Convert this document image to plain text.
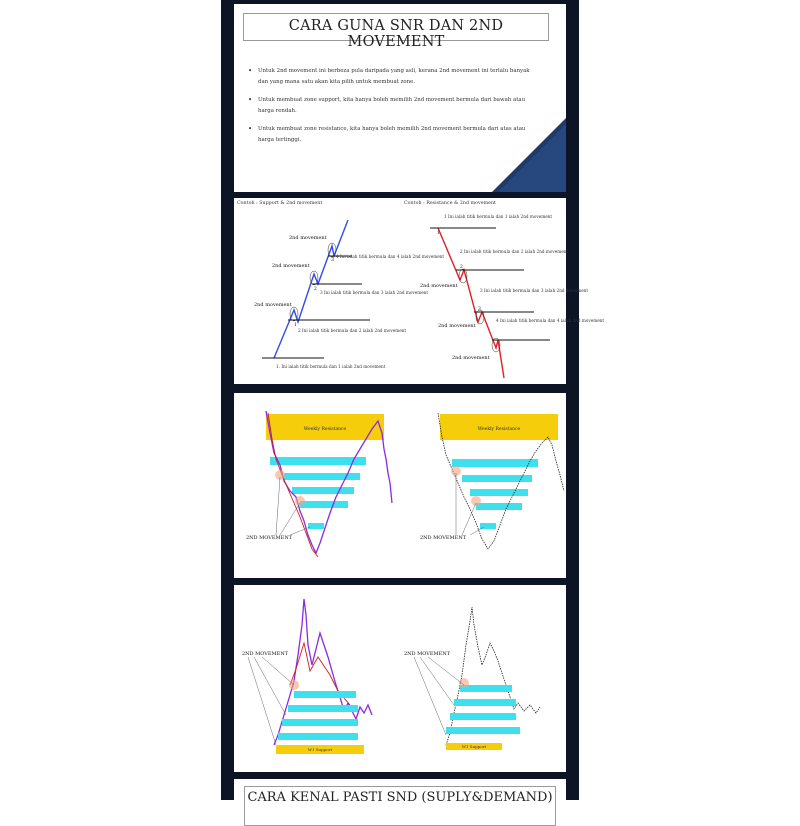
CARA GUNA SNR DAN 2ND MOVEMENT
• Untuk 2nd movement ini berbeza pula daripada yang asli, kerana 2nd movement ini terlalu banyak dan yang mana satu akan kita pilih untuk membuat zone.
• Untuk membuat zone support, kita hanya boleh memilih 2nd movement bermula dari bawah atau harga rendah.
• Untuk membuat zone resistance, kita hanya boleh memilih 2nd movement bermula dari atas atau harga tertinggi.
Contoh : Support & 2nd movement
2nd movement
2nd movement
2nd movement
1. Ini ialah titik bermula dan 1 ialah 2nd movement
2 Ini ialah titik bermula dan 2 ialah 2nd movement
3 Ini ialah titik bermula dan 3 ialah 2nd movement
4 Ini ialah titik bermula dan 4 ialah 2nd movement
1
2
3
Contoh : Resistance & 2nd movement
2nd movement
2nd movement
2nd movement
1 Ini ialah titik bermula dan 1 ialah 2nd movement
2 Ini ialah titik bermula dan 2 ialah 2nd movement
3 Ini ialah titik bermula dan 3 ialah 2nd movement
4 Ini ialah titik bermula dan 4 ialah 2nd movement
1
2
3
Weekly Resistance
2ND MOVEMENT
Weekly Resistance
2ND MOVEMENT
W1 Support
2ND MOVEMENT
W1 Support
2ND MOVEMENT
CARA KENAL PASTI SND (SUPLY&DEMAND)
